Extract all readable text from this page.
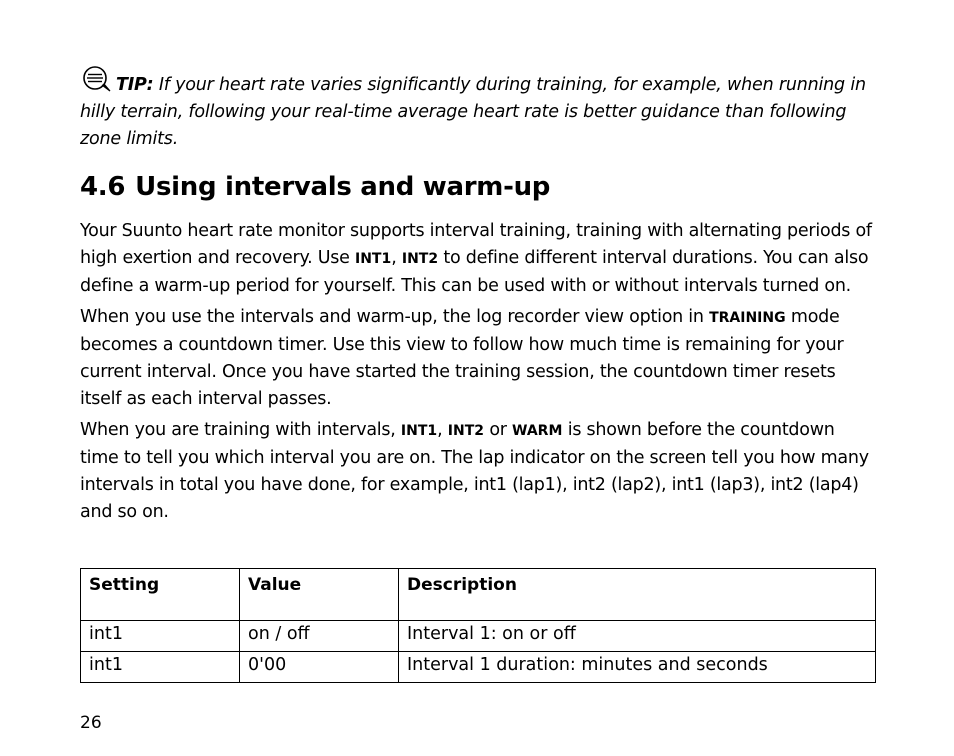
TIP: If your heart rate varies significantly during training, for example, when running in hilly terrain, following your real-time average heart rate is better guidance than following zone limits.
4.6 Using intervals and warm-up

Your Suunto heart rate monitor supports interval training, training with alternating periods of high exertion and recovery. Use INT1, INT2 to define different interval durations. You can also define a warm-up period for yourself. This can be used with or without intervals turned on.

When you use the intervals and warm-up, the log recorder view option in TRAINING mode becomes a countdown timer. Use this view to follow how much time is remaining for your current interval. Once you have started the training session, the countdown timer resets itself as each interval passes.

When you are training with intervals, INT1, INT2 or WARM is shown before the countdown time to tell you which interval you are on. The lap indicator on the screen tell you how many intervals in total you have done, for example, int1 (lap1), int2 (lap2), int1 (lap3), int2 (lap4) and so on.

Setting	Value	Description
int1	on / off	Interval 1: on or off
int1	0'00	Interval 1 duration: minutes and seconds
26
